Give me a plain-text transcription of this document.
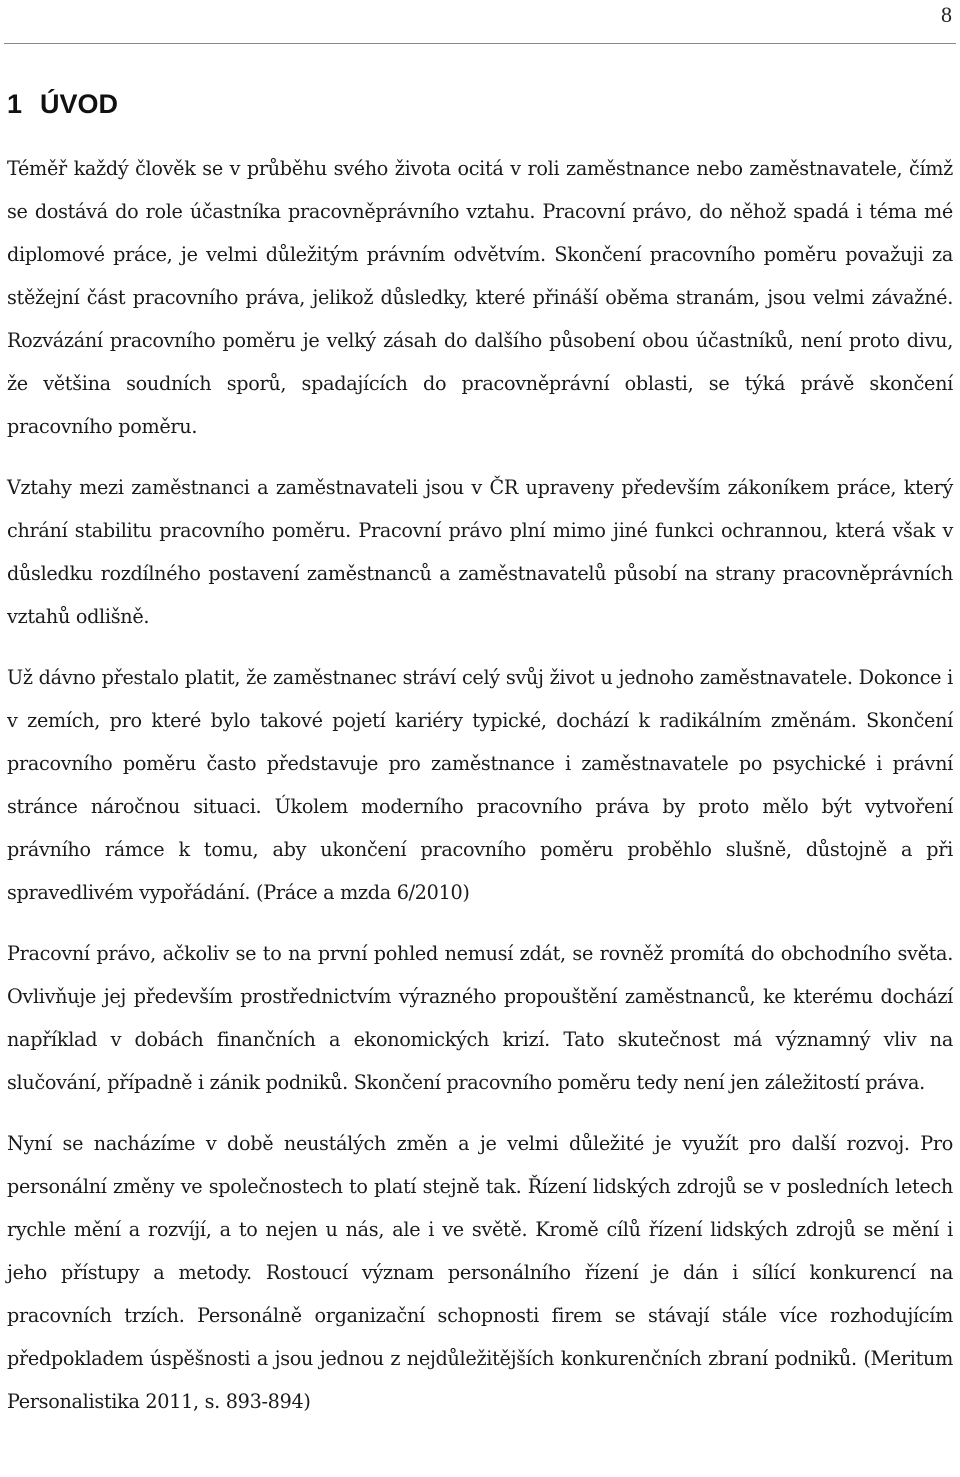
8
1 ÚVOD

Téměř každý člověk se v průběhu svého života ocitá v roli zaměstnance nebo zaměstnavatele, čímž se dostává do role účastníka pracovněprávního vztahu. Pracovní právo, do něhož spadá i téma mé diplomové práce, je velmi důležitým právním odvětvím. Skončení pracovního poměru považuji za stěžejní část pracovního práva, jelikož důsledky, které přináší oběma stranám, jsou velmi závažné. Rozvázání pracovního poměru je velký zásah do dalšího působení obou účastníků, není proto divu, že většina soudních sporů, spadajících do pracovněprávní oblasti, se týká právě skončení pracovního poměru.

Vztahy mezi zaměstnanci a zaměstnavateli jsou v ČR upraveny především zákoníkem práce, který chrání stabilitu pracovního poměru. Pracovní právo plní mimo jiné funkci ochrannou, která však v důsledku rozdílného postavení zaměstnanců a zaměstnavatelů působí na strany pracovněprávních vztahů odlišně.

Už dávno přestalo platit, že zaměstnanec stráví celý svůj život u jednoho zaměstnavatele. Dokonce i v zemích, pro které bylo takové pojetí kariéry typické, dochází k radikálním změnám. Skončení pracovního poměru často představuje pro zaměstnance i zaměstnavatele po psychické i právní stránce náročnou situaci. Úkolem moderního pracovního práva by proto mělo být vytvoření právního rámce k tomu, aby ukončení pracovního poměru proběhlo slušně, důstojně a při spravedlivém vypořádání. (Práce a mzda 6/2010)

Pracovní právo, ačkoliv se to na první pohled nemusí zdát, se rovněž promítá do obchodního světa. Ovlivňuje jej především prostřednictvím výrazného propouštění zaměstnanců, ke kterému dochází například v dobách finančních a ekonomických krizí. Tato skutečnost má významný vliv na slučování, případně i zánik podniků. Skončení pracovního poměru tedy není jen záležitostí práva.

Nyní se nacházíme v době neustálých změn a je velmi důležité je využít pro další rozvoj. Pro personální změny ve společnostech to platí stejně tak. Řízení lidských zdrojů se v posledních letech rychle mění a rozvíjí, a to nejen u nás, ale i ve světě. Kromě cílů řízení lidských zdrojů se mění i jeho přístupy a metody. Rostoucí význam personálního řízení je dán i sílící konkurencí na pracovních trzích. Personálně organizační schopnosti firem se stávají stále více rozhodujícím předpokladem úspěšnosti a jsou jednou z nejdůležitějších konkurenčních zbraní podniků. (Meritum Personalistika 2011, s. 893-894)
